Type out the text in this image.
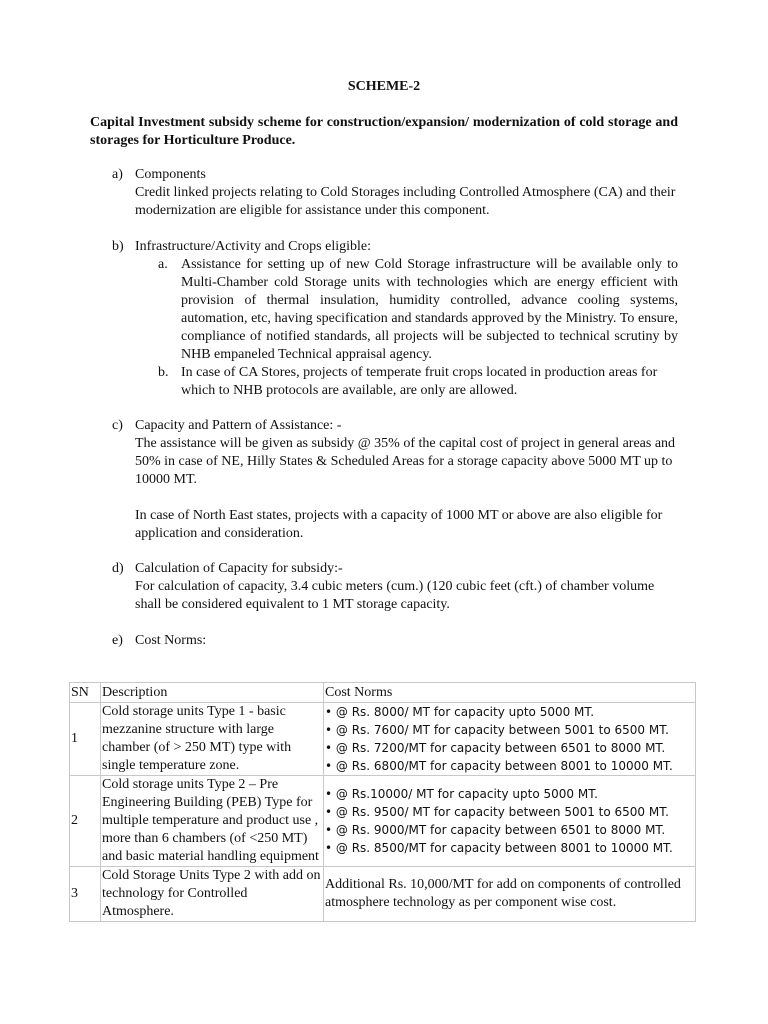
SCHEME-2
Capital Investment subsidy scheme for construction/expansion/ modernization of cold storage and storages for Horticulture Produce.
a) Components
Credit linked projects relating to Cold Storages including Controlled Atmosphere (CA) and their modernization are eligible for assistance under this component.
b) Infrastructure/Activity and Crops eligible:
a. Assistance for setting up of new Cold Storage infrastructure will be available only to Multi-Chamber cold Storage units with technologies which are energy efficient with provision of thermal insulation, humidity controlled, advance cooling systems, automation, etc, having specification and standards approved by the Ministry. To ensure, compliance of notified standards, all projects will be subjected to technical scrutiny by NHB empaneled Technical appraisal agency.
b. In case of CA Stores, projects of temperate fruit crops located in production areas for which to NHB protocols are available, are only are allowed.
c) Capacity and Pattern of Assistance: -
The assistance will be given as subsidy @ 35% of the capital cost of project in general areas and 50% in case of NE, Hilly States & Scheduled Areas for a storage capacity above 5000 MT up to 10000 MT.
In case of North East states, projects with a capacity of 1000 MT or above are also eligible for application and consideration.
d) Calculation of Capacity for subsidy:-
For calculation of capacity, 3.4 cubic meters (cum.) (120 cubic feet (cft.) of chamber volume shall be considered equivalent to 1 MT storage capacity.
e) Cost Norms:
SN	Description	Cost Norms
1	Cold storage units Type 1 - basic mezzanine structure with large chamber (of > 250 MT) type with single temperature zone.	• @ Rs. 8000/ MT for capacity upto 5000 MT.
• @ Rs. 7600/ MT for capacity between 5001 to 6500 MT.
• @ Rs. 7200/MT for capacity between 6501 to 8000 MT.
• @ Rs. 6800/MT for capacity between 8001 to 10000 MT.

2	Cold storage units Type 2 – Pre Engineering Building (PEB) Type for multiple temperature and product use , more than 6 chambers (of <250 MT) and basic material handling equipment	• @ Rs.10000/ MT for capacity upto 5000 MT.
• @ Rs. 9500/ MT for capacity between 5001 to 6500 MT.
• @ Rs. 9000/MT for capacity between 6501 to 8000 MT.
• @ Rs. 8500/MT for capacity between 8001 to 10000 MT.

3	Cold Storage Units Type 2 with add on technology for Controlled Atmosphere.	Additional Rs. 10,000/MT for add on components of controlled atmosphere technology as per component wise cost.
